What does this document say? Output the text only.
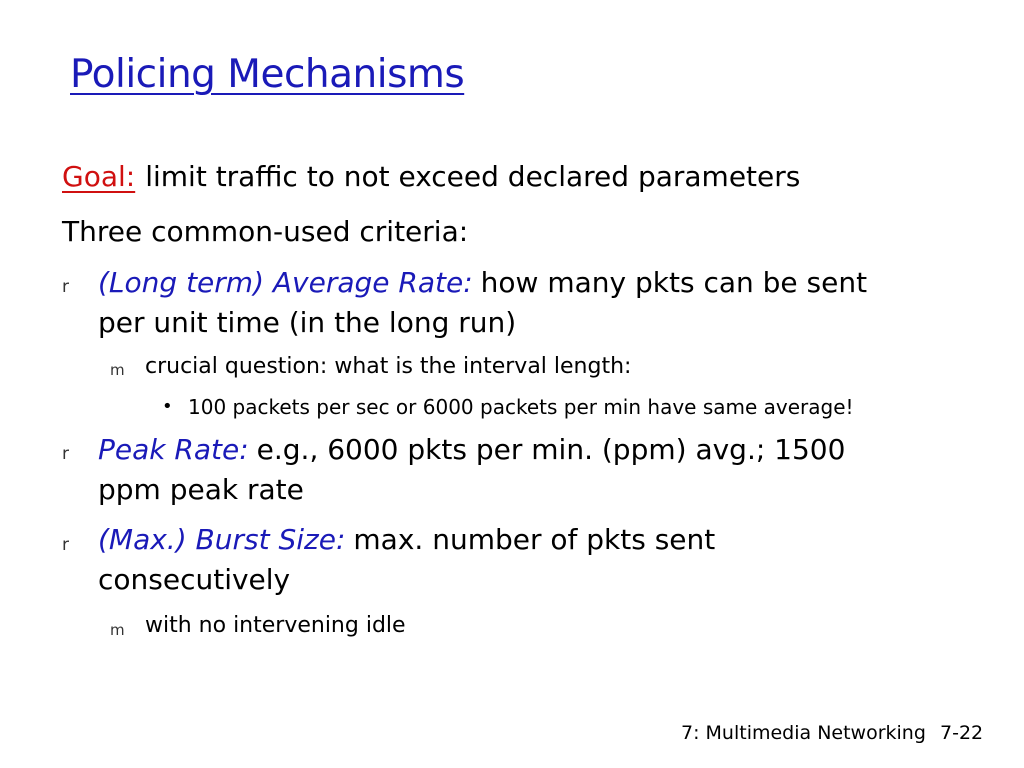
Policing Mechanisms
Goal: limit traffic to not exceed declared parameters
Three common-used criteria:
r (Long term) Average Rate: how many pkts can be sent
per unit time (in the long run)
m crucial question: what is the interval length:
• 100 packets per sec or 6000 packets per min have same average!
r Peak Rate: e.g., 6000 pkts per min. (ppm) avg.; 1500
ppm peak rate
r (Max.) Burst Size: max. number of pkts sent
consecutively
m with no intervening idle
7: Multimedia Networking 7-22
